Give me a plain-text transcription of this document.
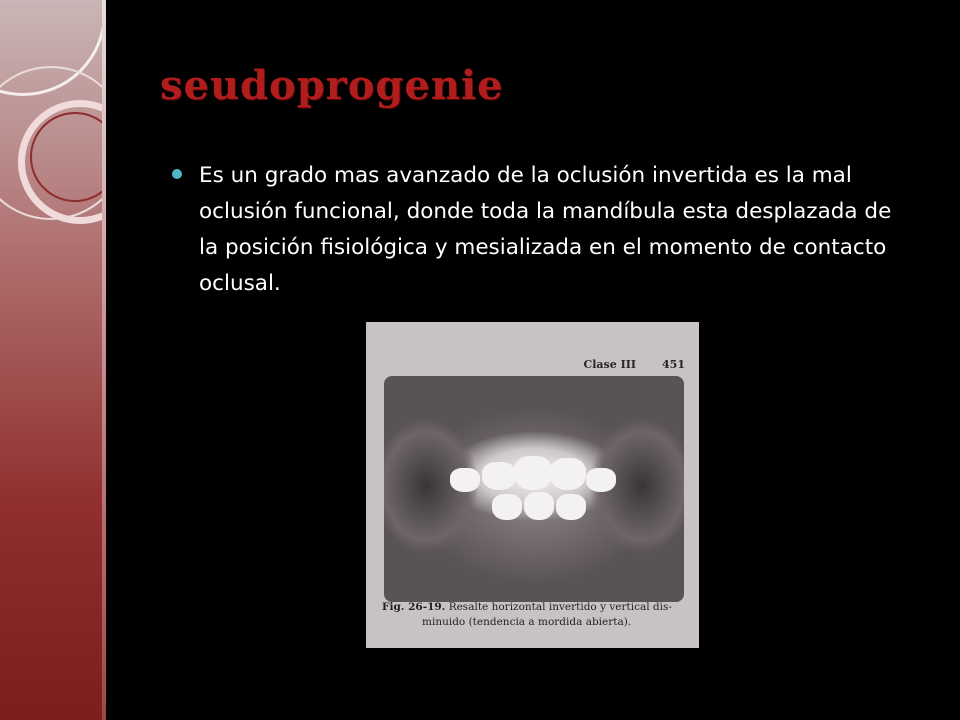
seudoprogenie

Es un grado mas avanzado de la oclusión invertida es la mal oclusión funcional, donde toda la mandíbula esta desplazada de la posición fisiológica y mesializada en el momento de contacto oclusal.

Clase III 451

Fig. 26-19. Resalte horizontal invertido y vertical dis-
minuido (tendencia a mordida abierta).
